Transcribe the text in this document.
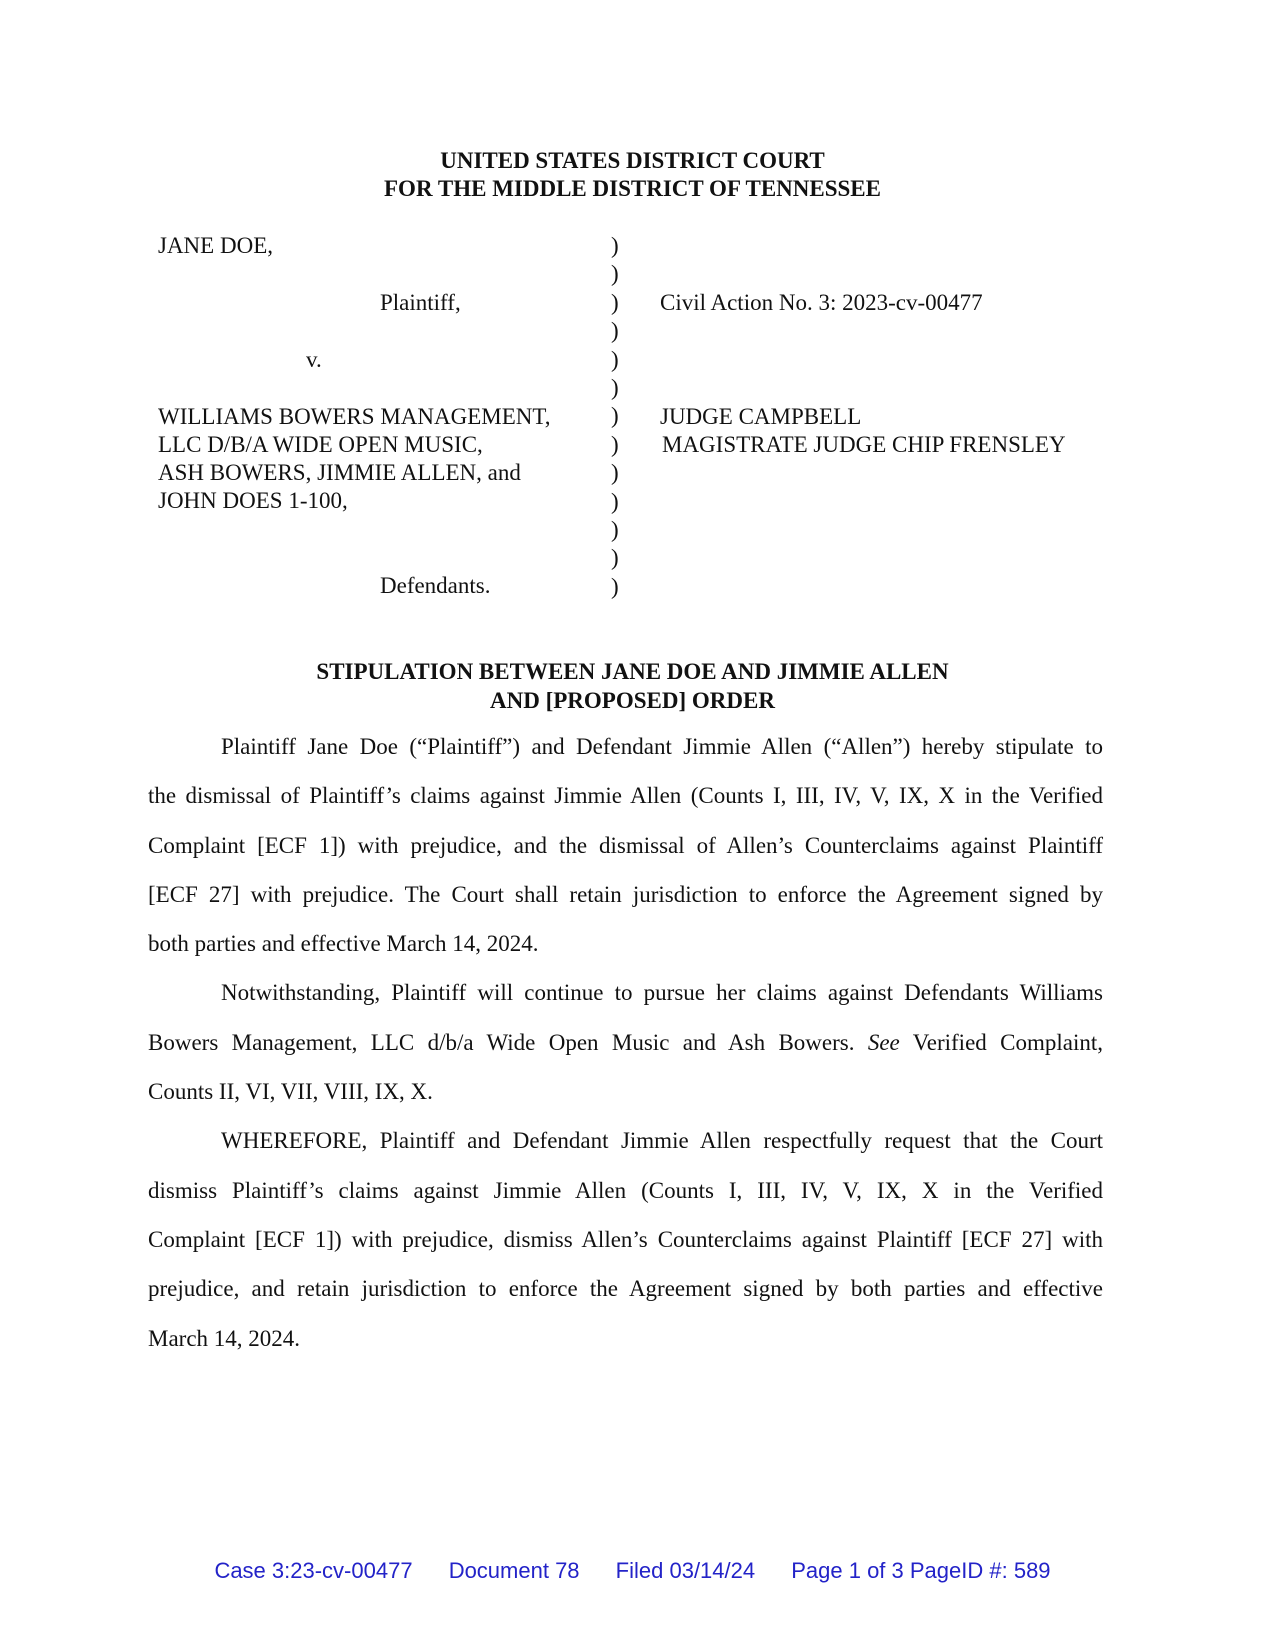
UNITED STATES DISTRICT COURT
FOR THE MIDDLE DISTRICT OF TENNESSEE
JANE DOE,
Plaintiff,
v.
WILLIAMS BOWERS MANAGEMENT,
LLC D/B/A WIDE OPEN MUSIC,
ASH BOWERS, JIMMIE ALLEN, and
JOHN DOES 1-100,
Defendants.
)
)
)
)
)
)
)
)
)
)
)
)
)
Civil Action No. 3: 2023-cv-00477
JUDGE CAMPBELL
MAGISTRATE JUDGE CHIP FRENSLEY
STIPULATION BETWEEN JANE DOE AND JIMMIE ALLEN
AND [PROPOSED] ORDER
Plaintiff Jane Doe (“Plaintiff”) and Defendant Jimmie Allen (“Allen”) hereby stipulate to
the dismissal of Plaintiff’s claims against Jimmie Allen (Counts I, III, IV, V, IX, X in the Verified
Complaint [ECF 1]) with prejudice, and the dismissal of Allen’s Counterclaims against Plaintiff
[ECF 27] with prejudice. The Court shall retain jurisdiction to enforce the Agreement signed by
both parties and effective March 14, 2024.
Notwithstanding, Plaintiff will continue to pursue her claims against Defendants Williams
Bowers Management, LLC d/b/a Wide Open Music and Ash Bowers. See Verified Complaint,
Counts II, VI, VII, VIII, IX, X.
WHEREFORE, Plaintiff and Defendant Jimmie Allen respectfully request that the Court
dismiss Plaintiff’s claims against Jimmie Allen (Counts I, III, IV, V, IX, X in the Verified
Complaint [ECF 1]) with prejudice, dismiss Allen’s Counterclaims against Plaintiff [ECF 27] with
prejudice, and retain jurisdiction to enforce the Agreement signed by both parties and effective
March 14, 2024.
Case 3:23-cv-00477 Document 78 Filed 03/14/24 Page 1 of 3 PageID #: 589
